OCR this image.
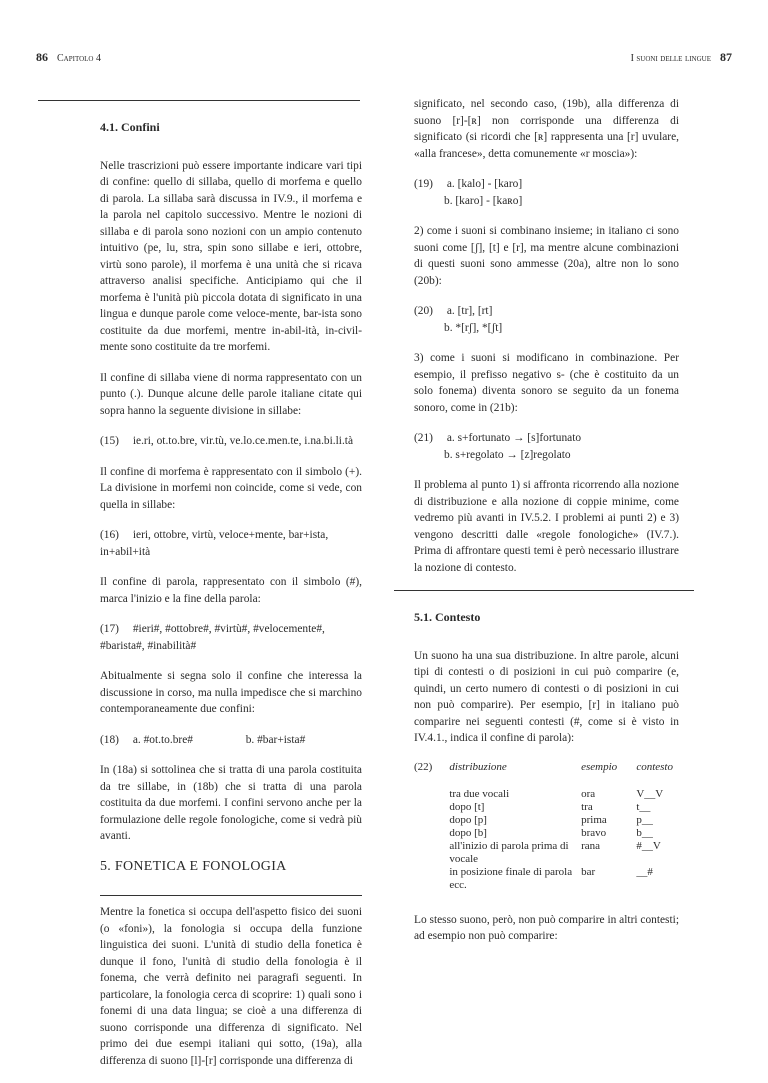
86 Capitolo 4	I suoni delle lingue 87
4.1. Confini

Nelle trascrizioni può essere importante indicare vari tipi di confine: quello di sillaba, quello di morfema e quello di parola. La sillaba sarà discussa in IV.9., il morfema e la parola nel capitolo successivo. Mentre le nozioni di sillaba e di parola sono nozioni con un ampio contenuto intuitivo (pe, lu, stra, spin sono sillabe e ieri, ottobre, virtù sono parole), il morfema è una unità che si ricava attraverso analisi specifiche. Anticipiamo qui che il morfema è l'unità più piccola dotata di significato in una lingua e dunque parole come veloce-mente, bar-ista sono costituite da due morfemi, mentre in-abil-ità, in-civil-mente sono costituite da tre morfemi.

Il confine di sillaba viene di norma rappresentato con un punto (.). Dunque alcune delle parole italiane citate qui sopra hanno la seguente divisione in sillabe:

(15) ie.ri, ot.to.bre, vir.tù, ve.lo.ce.men.te, i.na.bi.li.tà

Il confine di morfema è rappresentato con il simbolo (+). La divisione in morfemi non coincide, come si vede, con quella in sillabe:

(16) ieri, ottobre, virtù, veloce+mente, bar+ista, in+abil+ità

Il confine di parola, rappresentato con il simbolo (#), marca l'inizio e la fine della parola:

(17) #ieri#, #ottobre#, #virtù#, #velocemente#, #barista#, #inabilità#

Abitualmente si segna solo il confine che interessa la discussione in corso, ma nulla impedisce che si marchino contemporaneamente due confini:

(18) a. #ot.to.bre#	b. #bar+ista#

In (18a) si sottolinea che si tratta di una parola costituita da tre sillabe, in (18b) che si tratta di una parola costituita da due morfemi. I confini servono anche per la formulazione delle regole fonologiche, come si vedrà più avanti.

5. FONETICA E FONOLOGIA

Mentre la fonetica si occupa dell'aspetto fisico dei suoni (o «foni»), la fonologia si occupa della funzione linguistica dei suoni. L'unità di studio della fonetica è dunque il fono, l'unità di studio della fonologia è il fonema, che verrà definito nei paragrafi seguenti. In particolare, la fonologia cerca di scoprire: 1) quali sono i fonemi di una data lingua; se cioè a una differenza di suono corrisponde una differenza di significato. Nel primo dei due esempi italiani qui sotto, (19a), alla differenza di suono [l]-[r] corrisponde una differenza di

significato, nel secondo caso, (19b), alla differenza di suono [r]-[ʀ] non corrisponde una differenza di significato (si ricordi che [ʀ] rappresenta una [r] uvulare, «alla francese», detta comunemente «r moscia»):

(19) a. [kalo] - [karo]
b. [karo] - [kaʀo]

2) come i suoni si combinano insieme; in italiano ci sono suoni come [ʃ], [t] e [r], ma mentre alcune combinazioni di questi suoni sono ammesse (20a), altre non lo sono (20b):

(20) a. [tr], [rt]
b. *[rʃ], *[ʃt]

3) come i suoni si modificano in combinazione. Per esempio, il prefisso negativo s- (che è costituito da un solo fonema) diventa sonoro se seguito da un fonema sonoro, come in (21b):

(21) a. s+fortunato → [s]fortunato
b. s+regolato → [z]regolato

Il problema al punto 1) si affronta ricorrendo alla nozione di distribuzione e alla nozione di coppie minime, come vedremo più avanti in IV.5.2. I problemi ai punti 2) e 3) vengono descritti dalle «regole fonologiche» (IV.7.). Prima di affrontare questi temi è però necessario illustrare la nozione di contesto.

5.1. Contesto

Un suono ha una sua distribuzione. In altre parole, alcuni tipi di contesti o di posizioni in cui può comparire (e, quindi, un certo numero di contesti o di posizioni in cui non può comparire). Per esempio, [r] in italiano può comparire nei seguenti contesti (#, come si è visto in IV.4.1., indica il confine di parola):

(22)	distribuzione	esempio	contesto
	tra due vocali	ora	V__V
	dopo [t]	tra	t__
	dopo [p]	prima	p__
	dopo [b]	bravo	b__
	all'inizio di parola prima di vocale	rana	#__V
	in posizione finale di parola	bar	__#
	ecc.		

Lo stesso suono, però, non può comparire in altri contesti; ad esempio non può comparire:
